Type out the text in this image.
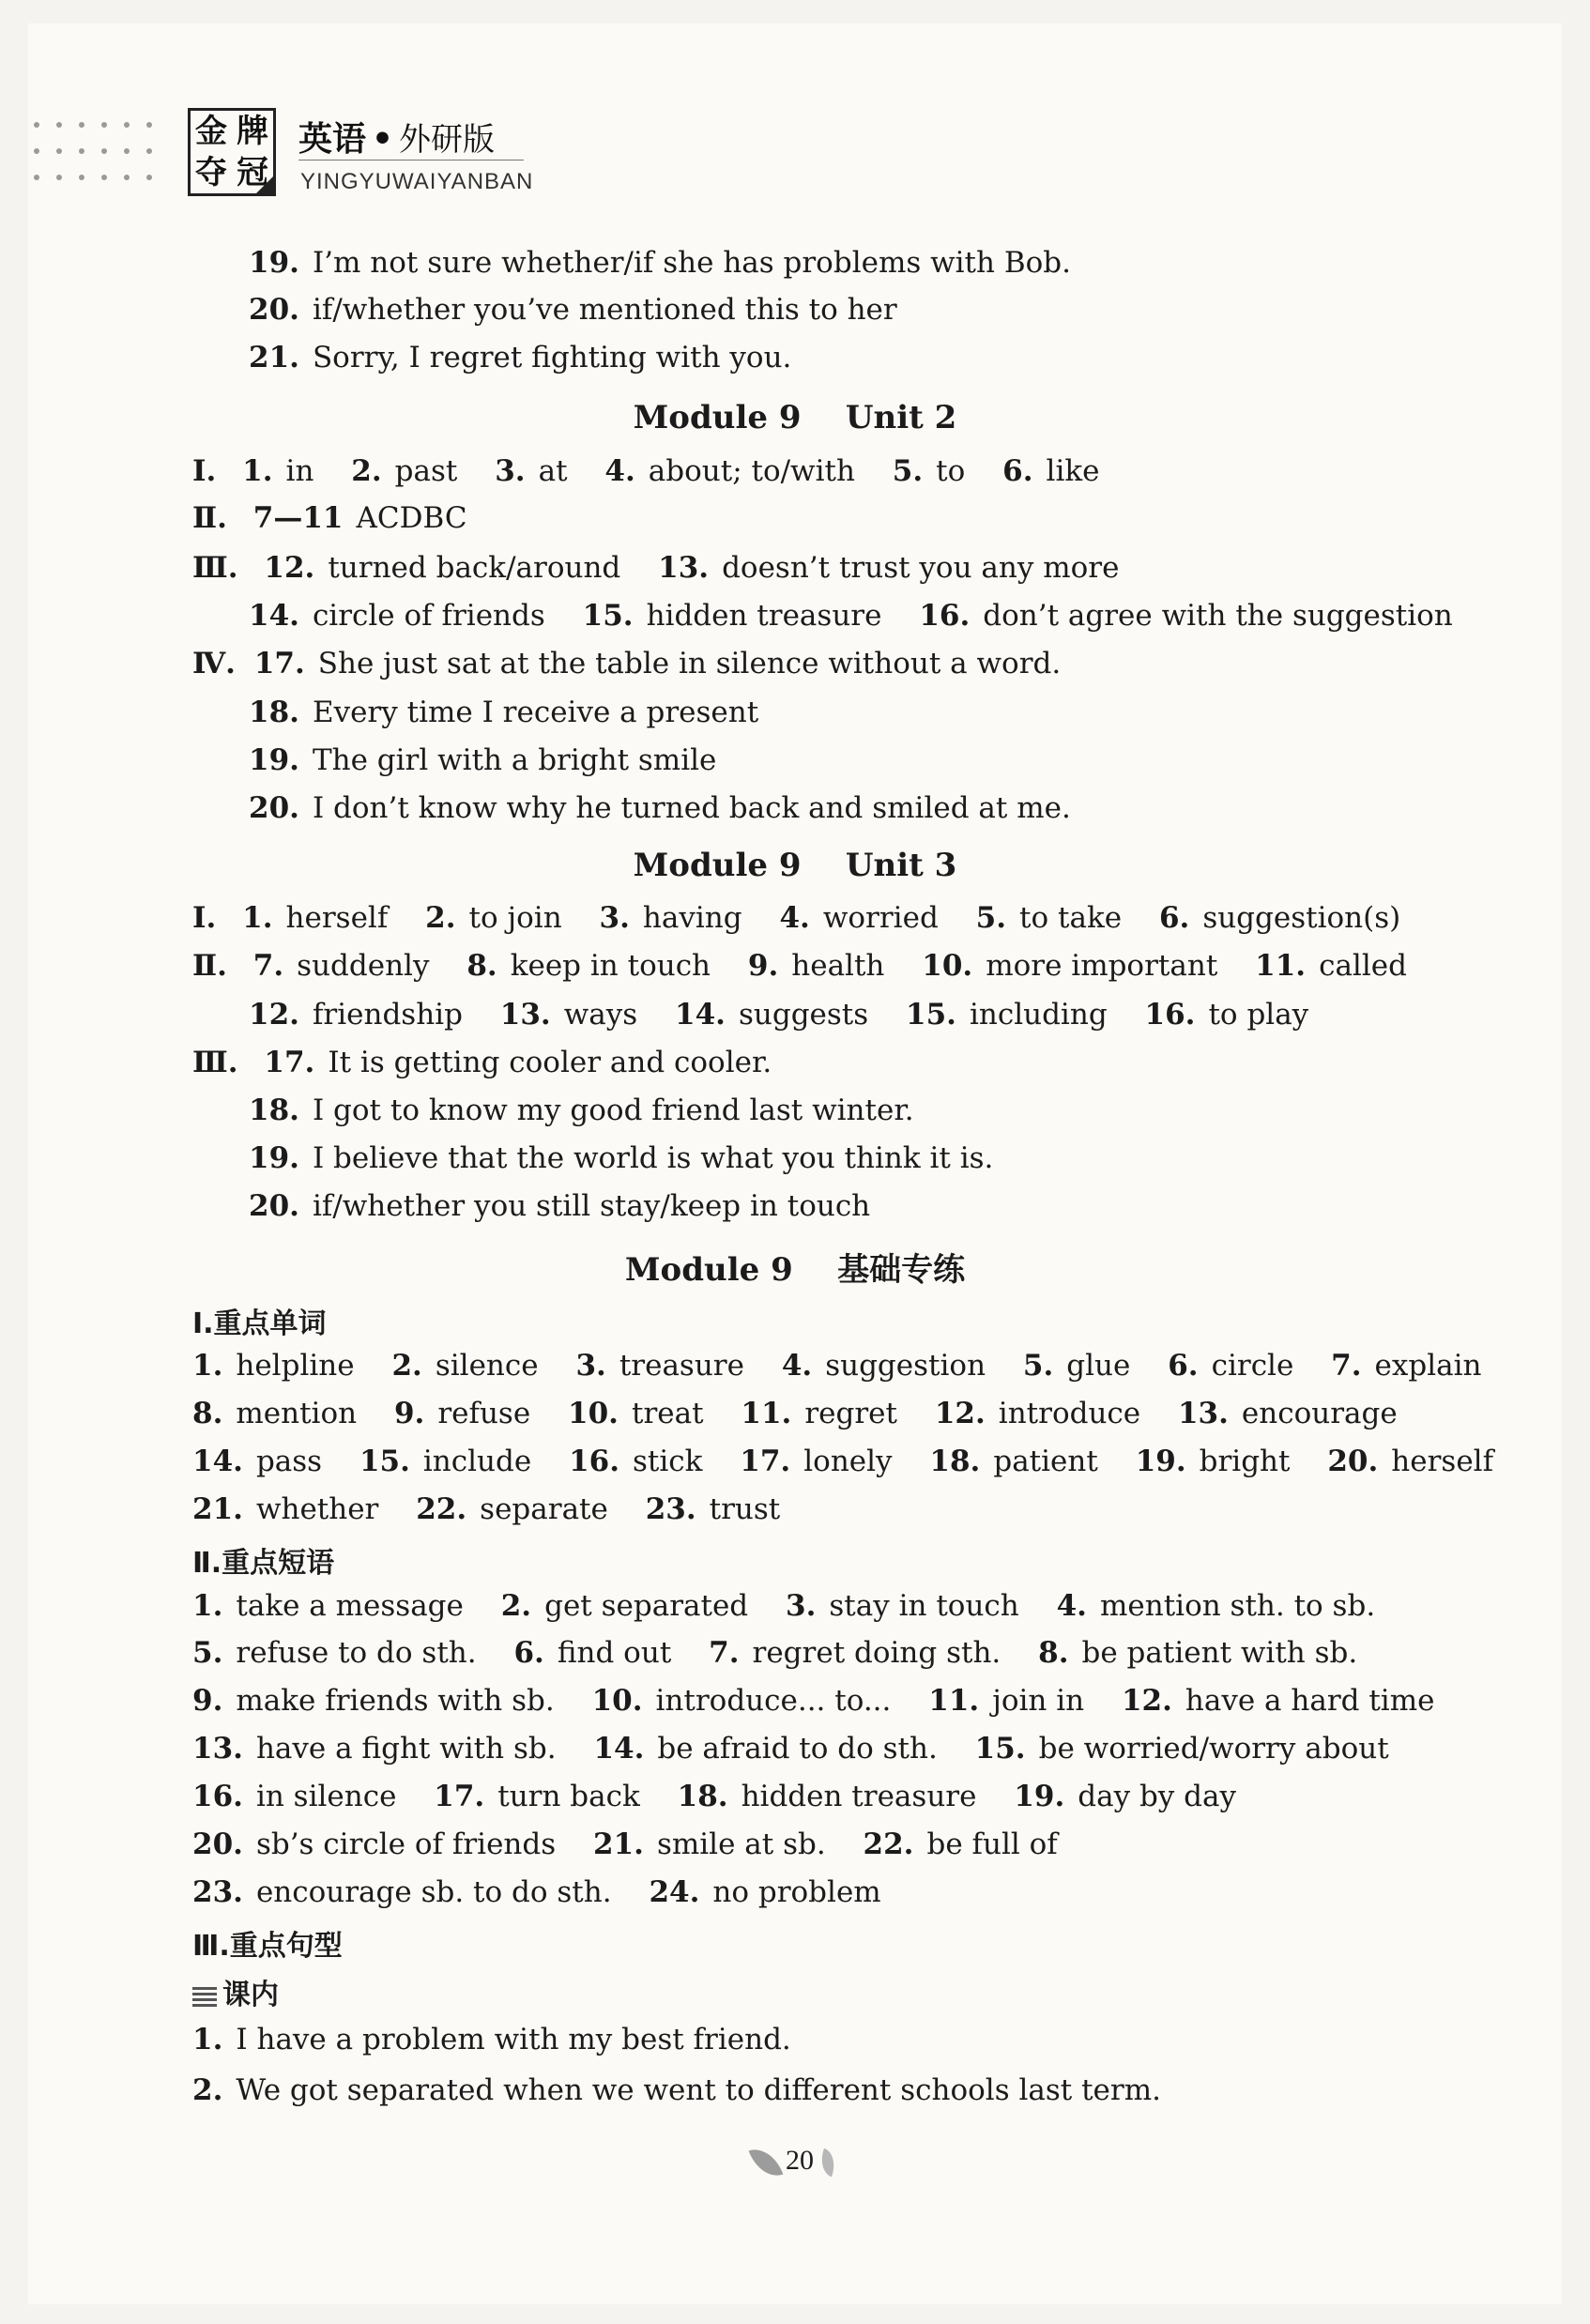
金 牌
夺 冠
英语 • 外研版
YINGYUWAIYANBAN
19. I’m not sure whether/if she has problems with Bob.
20. if/whether you’ve mentioned this to her
21. Sorry, I regret fighting with you.
Module 9    Unit 2
Ⅰ. 1. in 2. past 3. at 4. about; to/with 5. to 6. like
Ⅱ. 7—11 ACDBC
Ⅲ. 12. turned back/around 13. doesn’t trust you any more
14. circle of friends 15. hidden treasure 16. don’t agree with the suggestion
Ⅳ. 17. She just sat at the table in silence without a word.
18. Every time I receive a present
19. The girl with a bright smile
20. I don’t know why he turned back and smiled at me.
Module 9    Unit 3
Ⅰ. 1. herself 2. to join 3. having 4. worried 5. to take 6. suggestion(s)
Ⅱ. 7. suddenly 8. keep in touch 9. health 10. more important 11. called
12. friendship 13. ways 14. suggests 15. including 16. to play
Ⅲ. 17. It is getting cooler and cooler.
18. I got to know my good friend last winter.
19. I believe that the world is what you think it is.
20. if/whether you still stay/keep in touch
Module 9 基础专练
Ⅰ.重点单词
1. helpline 2. silence 3. treasure 4. suggestion 5. glue 6. circle 7. explain
8. mention 9. refuse 10. treat 11. regret 12. introduce 13. encourage
14. pass 15. include 16. stick 17. lonely 18. patient 19. bright 20. herself
21. whether 22. separate 23. trust
Ⅱ.重点短语
1. take a message 2. get separated 3. stay in touch 4. mention sth. to sb.
5. refuse to do sth. 6. find out 7. regret doing sth. 8. be patient with sb.
9. make friends with sb. 10. introduce... to... 11. join in 12. have a hard time
13. have a fight with sb. 14. be afraid to do sth. 15. be worried/worry about
16. in silence 17. turn back 18. hidden treasure 19. day by day
20. sb’s circle of friends 21. smile at sb. 22. be full of
23. encourage sb. to do sth. 24. no problem
Ⅲ.重点句型
课内
1. I have a problem with my best friend.
2. We got separated when we went to different schools last term.
20
